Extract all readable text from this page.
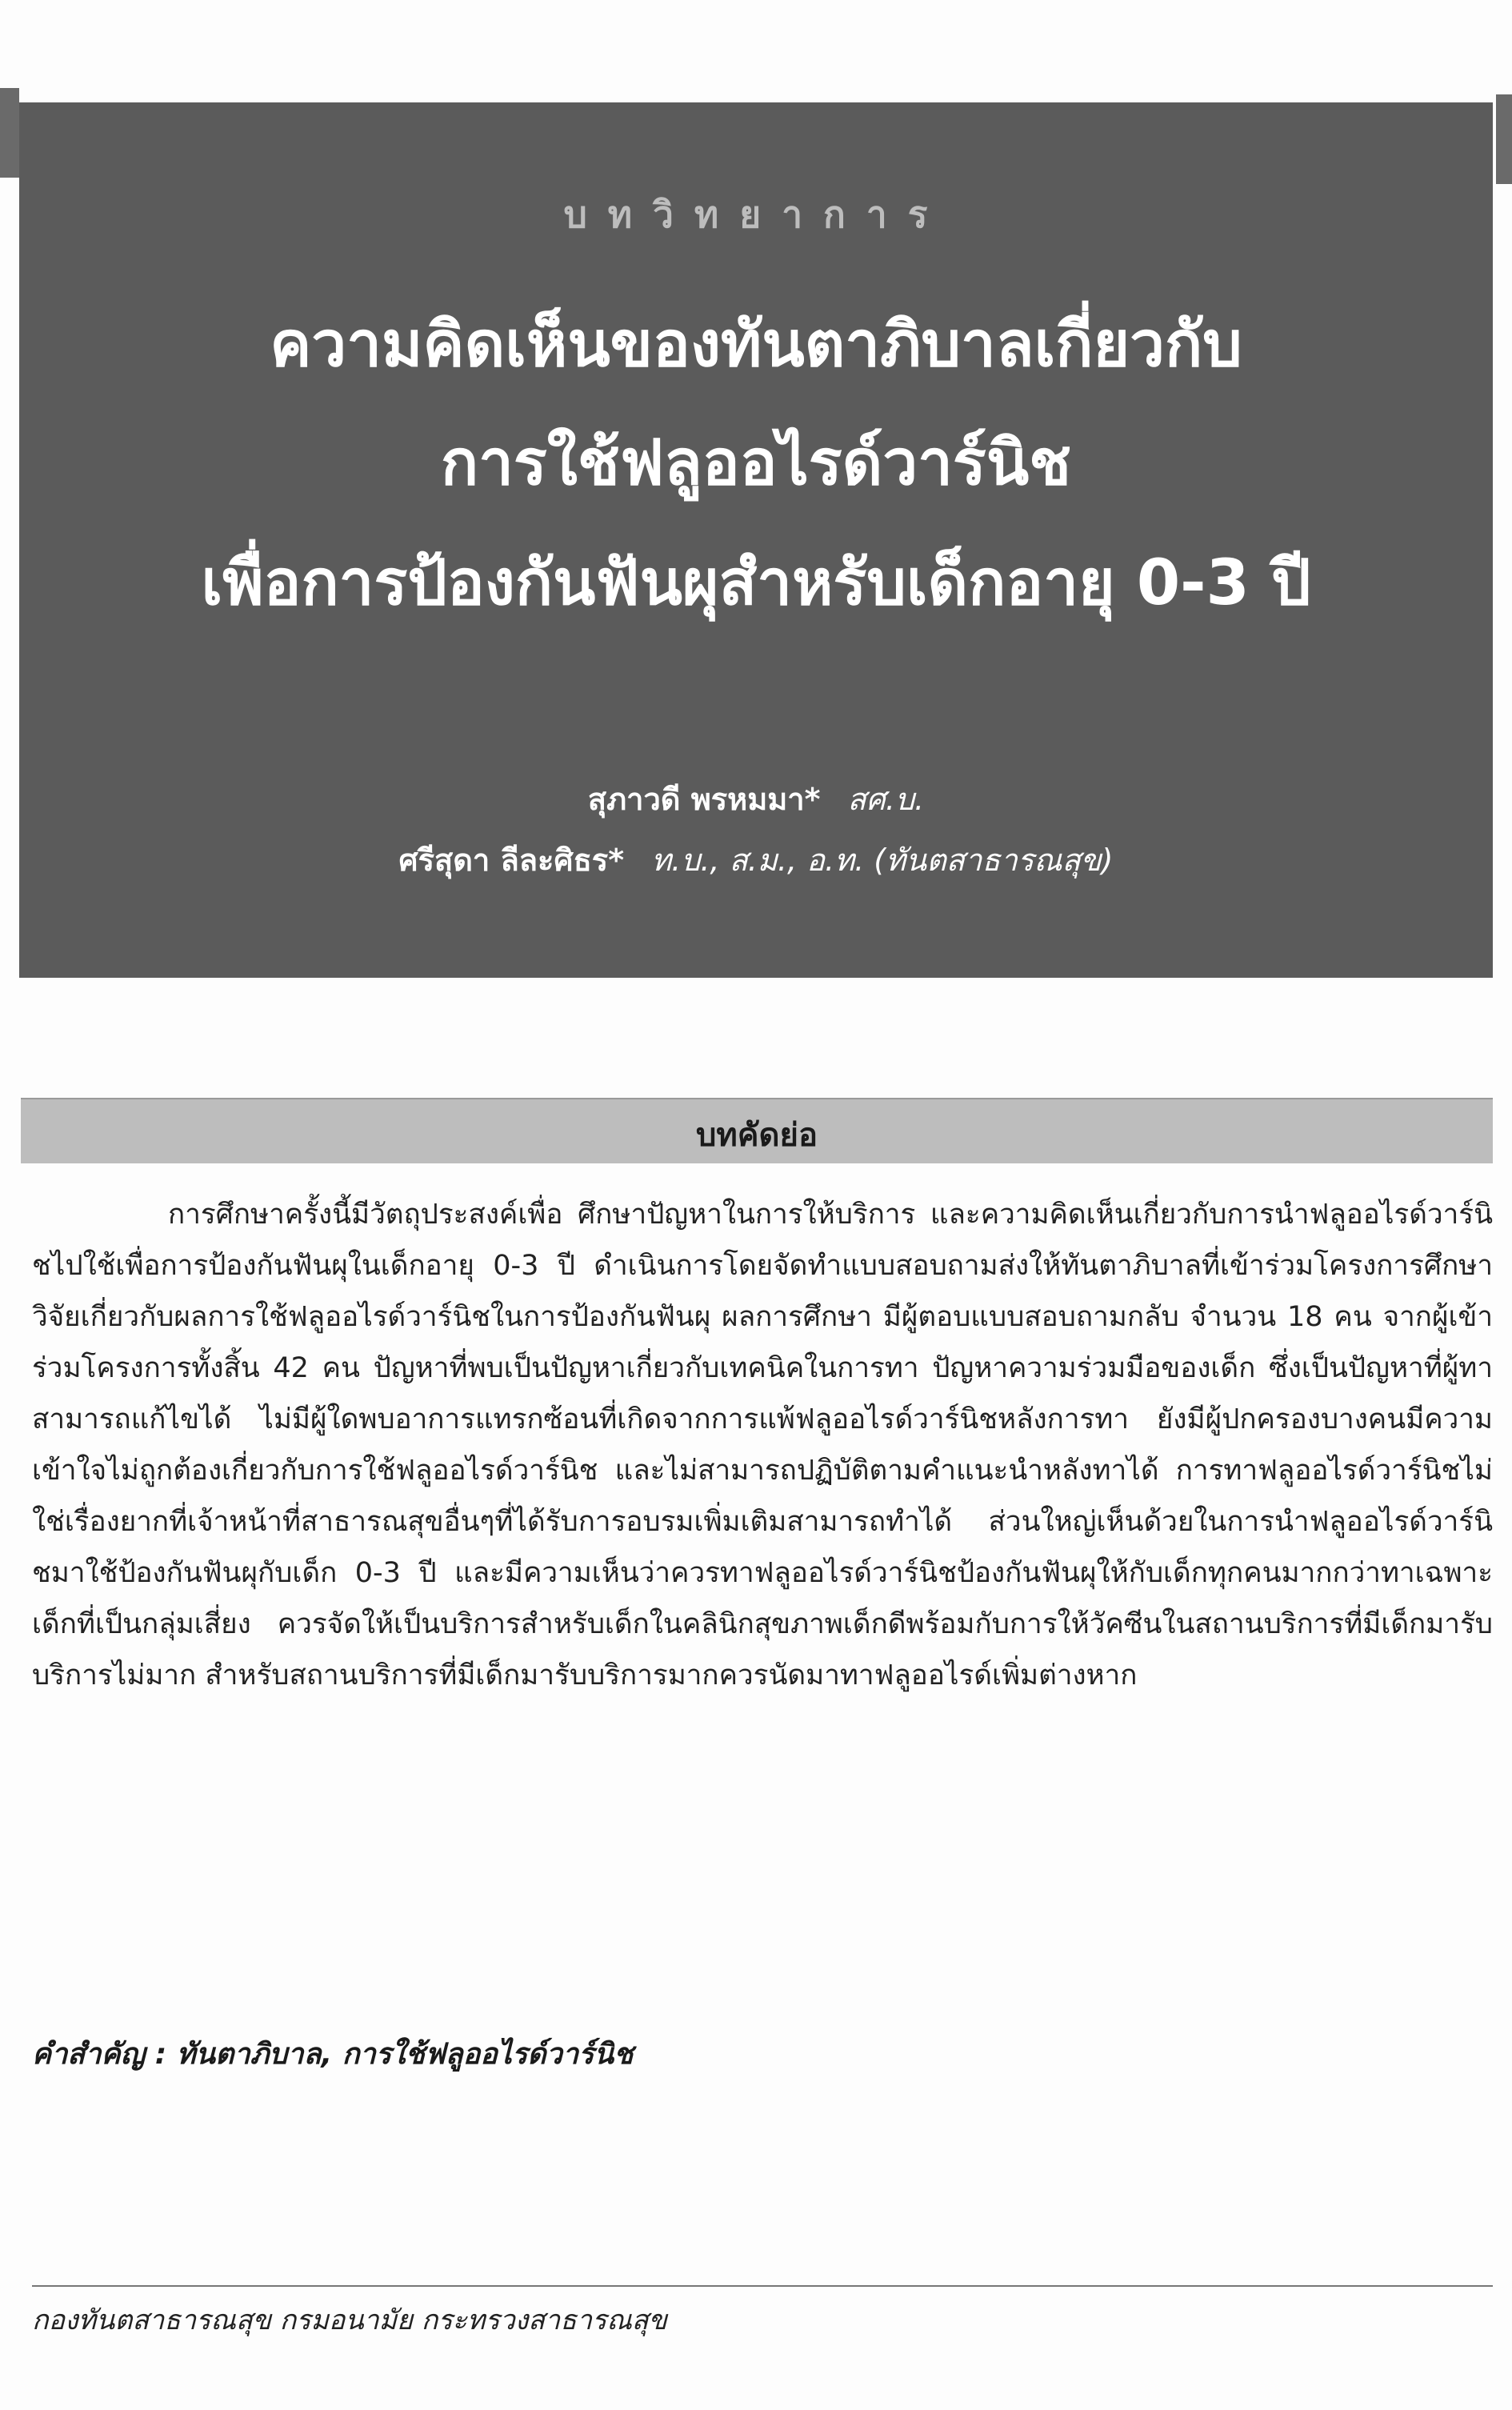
บทวิทยาการ
ความคิดเห็นของทันตาภิบาลเกี่ยวกับ
การใช้ฟลูออไรด์วาร์นิช
เพื่อการป้องกันฟันผุสำหรับเด็กอายุ 0-3 ปี
สุภาวดี พรหมมา* สศ.บ.
ศรีสุดา ลีละศิธร* ท.บ., ส.ม., อ.ท. (ทันตสาธารณสุข)
บทคัดย่อ
การศึกษาครั้งนี้มีวัตถุประสงค์เพื่อ ศึกษาปัญหาในการให้บริการ และความคิดเห็นเกี่ยวกับการนำฟลูออไรด์วาร์นิชไปใช้เพื่อการป้องกันฟันผุในเด็กอายุ 0-3 ปี ดำเนินการโดยจัดทำแบบสอบถามส่งให้ทันตาภิบาลที่เข้าร่วมโครงการศึกษาวิจัยเกี่ยวกับผลการใช้ฟลูออไรด์วาร์นิชในการป้องกันฟันผุ ผลการศึกษา มีผู้ตอบแบบสอบถามกลับ จำนวน 18 คน จากผู้เข้าร่วมโครงการทั้งสิ้น 42 คน ปัญหาที่พบเป็นปัญหาเกี่ยวกับเทคนิคในการทา ปัญหาความร่วมมือของเด็ก ซึ่งเป็นปัญหาที่ผู้ทาสามารถแก้ไขได้ ไม่มีผู้ใดพบอาการแทรกซ้อนที่เกิดจากการแพ้ฟลูออไรด์วาร์นิชหลังการทา ยังมีผู้ปกครองบางคนมีความเข้าใจไม่ถูกต้องเกี่ยวกับการใช้ฟลูออไรด์วาร์นิช และไม่สามารถปฏิบัติตามคำแนะนำหลังทาได้ การทาฟลูออไรด์วาร์นิชไม่ใช่เรื่องยากที่เจ้าหน้าที่สาธารณสุขอื่นๆที่ได้รับการอบรมเพิ่มเติมสามารถทำได้ ส่วนใหญ่เห็นด้วยในการนำฟลูออไรด์วาร์นิชมาใช้ป้องกันฟันผุกับเด็ก 0-3 ปี และมีความเห็นว่าควรทาฟลูออไรด์วาร์นิชป้องกันฟันผุให้กับเด็กทุกคนมากกว่าทาเฉพาะเด็กที่เป็นกลุ่มเสี่ยง ควรจัดให้เป็นบริการสำหรับเด็กในคลินิกสุขภาพเด็กดีพร้อมกับการให้วัคซีนในสถานบริการที่มีเด็กมารับบริการไม่มาก สำหรับสถานบริการที่มีเด็กมารับบริการมากควรนัดมาทาฟลูออไรด์เพิ่มต่างหาก
คำสำคัญ : ทันตาภิบาล, การใช้ฟลูออไรด์วาร์นิช
กองทันตสาธารณสุข กรมอนามัย กระทรวงสาธารณสุข
